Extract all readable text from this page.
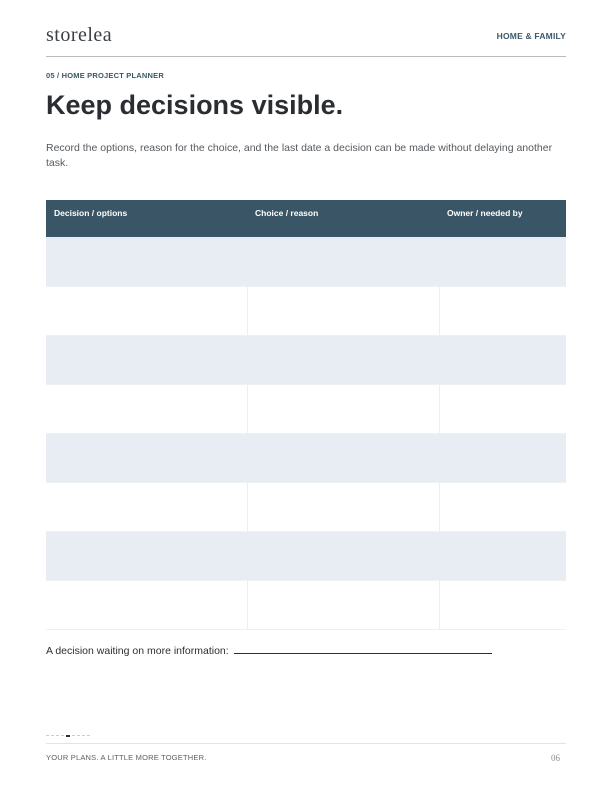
storelea	HOME & FAMILY
05 / HOME PROJECT PLANNER
Keep decisions visible.

Record the options, reason for the choice, and the last date a decision can be made without delaying another task.

Decision / options	Choice / reason	Owner / needed by

A decision waiting on more information:
YOUR PLANS. A LITTLE MORE TOGETHER.	06
